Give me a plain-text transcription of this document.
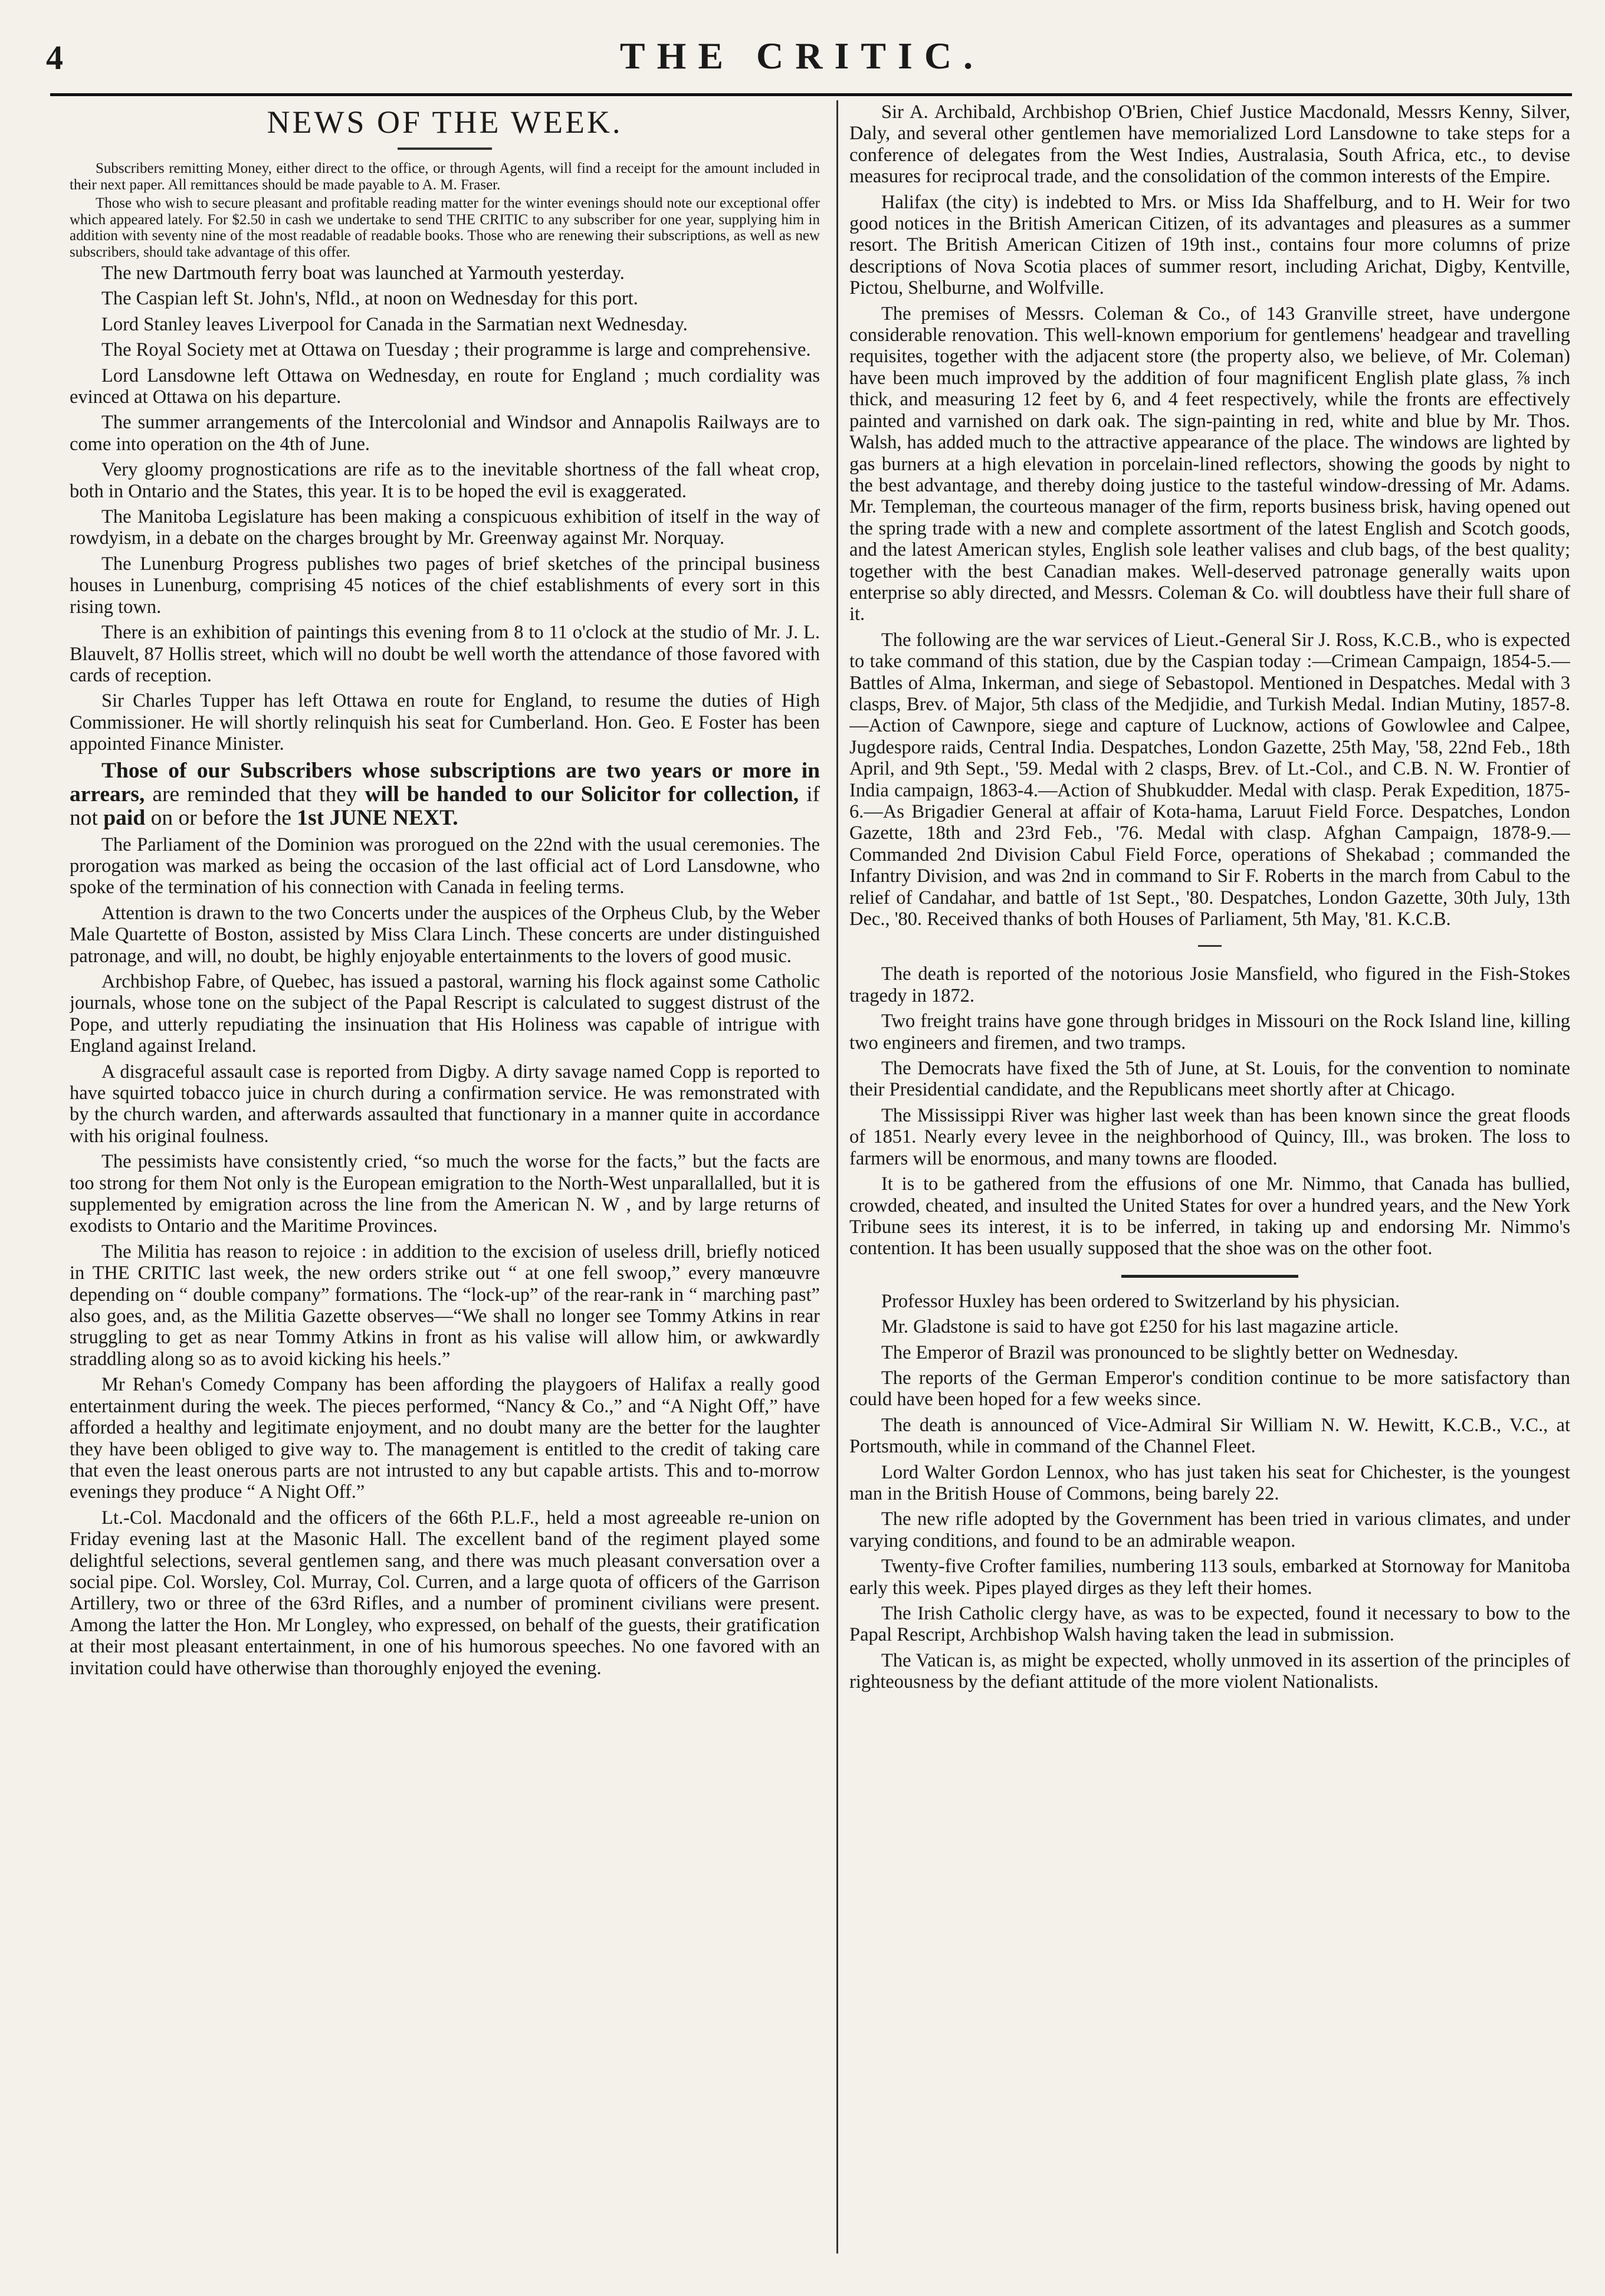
4	THE CRITIC.
NEWS OF THE WEEK.

Subscribers remitting Money, either direct to the office, or through Agents, will find a receipt for the amount included in their next paper. All remittances should be made payable to A. M. Fraser.

Those who wish to secure pleasant and profitable reading matter for the winter evenings should note our exceptional offer which appeared lately. For $2.50 in cash we undertake to send THE CRITIC to any subscriber for one year, supplying him in addition with seventy nine of the most readable of readable books. Those who are renewing their subscriptions, as well as new subscribers, should take advantage of this offer.

The new Dartmouth ferry boat was launched at Yarmouth yesterday.

The Caspian left St. John's, Nfld., at noon on Wednesday for this port.

Lord Stanley leaves Liverpool for Canada in the Sarmatian next Wednesday.

The Royal Society met at Ottawa on Tuesday ; their programme is large and comprehensive.

Lord Lansdowne left Ottawa on Wednesday, en route for England ; much cordiality was evinced at Ottawa on his departure.

The summer arrangements of the Intercolonial and Windsor and Annapolis Railways are to come into operation on the 4th of June.

Very gloomy prognostications are rife as to the inevitable shortness of the fall wheat crop, both in Ontario and the States, this year. It is to be hoped the evil is exaggerated.

The Manitoba Legislature has been making a conspicuous exhibition of itself in the way of rowdyism, in a debate on the charges brought by Mr. Greenway against Mr. Norquay.

The Lunenburg Progress publishes two pages of brief sketches of the principal business houses in Lunenburg, comprising 45 notices of the chief establishments of every sort in this rising town.

There is an exhibition of paintings this evening from 8 to 11 o'clock at the studio of Mr. J. L. Blauvelt, 87 Hollis street, which will no doubt be well worth the attendance of those favored with cards of reception.

Sir Charles Tupper has left Ottawa en route for England, to resume the duties of High Commissioner. He will shortly relinquish his seat for Cumberland. Hon. Geo. E Foster has been appointed Finance Minister.

Those of our Subscribers whose subscriptions are two years or more in arrears, are reminded that they will be handed to our Solicitor for collection, if not paid on or before the 1st JUNE NEXT.

The Parliament of the Dominion was prorogued on the 22nd with the usual ceremonies. The prorogation was marked as being the occasion of the last official act of Lord Lansdowne, who spoke of the termination of his connection with Canada in feeling terms.

Attention is drawn to the two Concerts under the auspices of the Orpheus Club, by the Weber Male Quartette of Boston, assisted by Miss Clara Linch. These concerts are under distinguished patronage, and will, no doubt, be highly enjoyable entertainments to the lovers of good music.

Archbishop Fabre, of Quebec, has issued a pastoral, warning his flock against some Catholic journals, whose tone on the subject of the Papal Rescript is calculated to suggest distrust of the Pope, and utterly repudiating the insinuation that His Holiness was capable of intrigue with England against Ireland.

A disgraceful assault case is reported from Digby. A dirty savage named Copp is reported to have squirted tobacco juice in church during a confirmation service. He was remonstrated with by the church warden, and afterwards assaulted that functionary in a manner quite in accordance with his original foulness.

The pessimists have consistently cried, “so much the worse for the facts,” but the facts are too strong for them Not only is the European emigration to the North-West unparallalled, but it is supplemented by emigration across the line from the American N. W , and by large returns of exodists to Ontario and the Maritime Provinces.

The Militia has reason to rejoice : in addition to the excision of useless drill, briefly noticed in THE CRITIC last week, the new orders strike out “ at one fell swoop,” every manœuvre depending on “ double company” formations. The “lock-up” of the rear-rank in “ marching past” also goes, and, as the Militia Gazette observes—“We shall no longer see Tommy Atkins in rear struggling to get as near Tommy Atkins in front as his valise will allow him, or awkwardly straddling along so as to avoid kicking his heels.”

Mr Rehan's Comedy Company has been affording the playgoers of Halifax a really good entertainment during the week. The pieces performed, “Nancy & Co.,” and “A Night Off,” have afforded a healthy and legitimate enjoyment, and no doubt many are the better for the laughter they have been obliged to give way to. The management is entitled to the credit of taking care that even the least onerous parts are not intrusted to any but capable artists. This and to-morrow evenings they produce “ A Night Off.”

Lt.-Col. Macdonald and the officers of the 66th P.L.F., held a most agreeable re-union on Friday evening last at the Masonic Hall. The excellent band of the regiment played some delightful selections, several gentlemen sang, and there was much pleasant conversation over a social pipe. Col. Worsley, Col. Murray, Col. Curren, and a large quota of officers of the Garrison Artillery, two or three of the 63rd Rifles, and a number of prominent civilians were present. Among the latter the Hon. Mr Longley, who expressed, on behalf of the guests, their gratification at their most pleasant entertainment, in one of his humorous speeches. No one favored with an invitation could have otherwise than thoroughly enjoyed the evening.

Sir A. Archibald, Archbishop O'Brien, Chief Justice Macdonald, Messrs Kenny, Silver, Daly, and several other gentlemen have memorialized Lord Lansdowne to take steps for a conference of delegates from the West Indies, Australasia, South Africa, etc., to devise measures for reciprocal trade, and the consolidation of the common interests of the Empire.

Halifax (the city) is indebted to Mrs. or Miss Ida Shaffelburg, and to H. Weir for two good notices in the British American Citizen, of its advantages and pleasures as a summer resort. The British American Citizen of 19th inst., contains four more columns of prize descriptions of Nova Scotia places of summer resort, including Arichat, Digby, Kentville, Pictou, Shelburne, and Wolfville.

The premises of Messrs. Coleman & Co., of 143 Granville street, have undergone considerable renovation. This well-known emporium for gentlemens' headgear and travelling requisites, together with the adjacent store (the property also, we believe, of Mr. Coleman) have been much improved by the addition of four magnificent English plate glass, ⅞ inch thick, and measuring 12 feet by 6, and 4 feet respectively, while the fronts are effectively painted and varnished on dark oak. The sign-painting in red, white and blue by Mr. Thos. Walsh, has added much to the attractive appearance of the place. The windows are lighted by gas burners at a high elevation in porcelain-lined reflectors, showing the goods by night to the best advantage, and thereby doing justice to the tasteful window-dressing of Mr. Adams. Mr. Templeman, the courteous manager of the firm, reports business brisk, having opened out the spring trade with a new and complete assortment of the latest English and Scotch goods, and the latest American styles, English sole leather valises and club bags, of the best quality; together with the best Canadian makes. Well-deserved patronage generally waits upon enterprise so ably directed, and Messrs. Coleman & Co. will doubtless have their full share of it.

The following are the war services of Lieut.-General Sir J. Ross, K.C.B., who is expected to take command of this station, due by the Caspian today :—Crimean Campaign, 1854-5.—Battles of Alma, Inkerman, and siege of Sebastopol. Mentioned in Despatches. Medal with 3 clasps, Brev. of Major, 5th class of the Medjidie, and Turkish Medal. Indian Mutiny, 1857-8.—Action of Cawnpore, siege and capture of Lucknow, actions of Gowlowlee and Calpee, Jugdespore raids, Central India. Despatches, London Gazette, 25th May, '58, 22nd Feb., 18th April, and 9th Sept., '59. Medal with 2 clasps, Brev. of Lt.-Col., and C.B. N. W. Frontier of India campaign, 1863-4.—Action of Shubkudder. Medal with clasp. Perak Expedition, 1875-6.—As Brigadier General at affair of Kota-hama, Laruut Field Force. Despatches, London Gazette, 18th and 23rd Feb., '76. Medal with clasp. Afghan Campaign, 1878-9.—Commanded 2nd Division Cabul Field Force, operations of Shekabad ; commanded the Infantry Division, and was 2nd in command to Sir F. Roberts in the march from Cabul to the relief of Candahar, and battle of 1st Sept., '80. Despatches, London Gazette, 30th July, 13th Dec., '80. Received thanks of both Houses of Parliament, 5th May, '81. K.C.B.

The death is reported of the notorious Josie Mansfield, who figured in the Fish-Stokes tragedy in 1872.

Two freight trains have gone through bridges in Missouri on the Rock Island line, killing two engineers and firemen, and two tramps.

The Democrats have fixed the 5th of June, at St. Louis, for the convention to nominate their Presidential candidate, and the Republicans meet shortly after at Chicago.

The Mississippi River was higher last week than has been known since the great floods of 1851. Nearly every levee in the neighborhood of Quincy, Ill., was broken. The loss to farmers will be enormous, and many towns are flooded.

It is to be gathered from the effusions of one Mr. Nimmo, that Canada has bullied, crowded, cheated, and insulted the United States for over a hundred years, and the New York Tribune sees its interest, it is to be inferred, in taking up and endorsing Mr. Nimmo's contention. It has been usually supposed that the shoe was on the other foot.

Professor Huxley has been ordered to Switzerland by his physician.

Mr. Gladstone is said to have got £250 for his last magazine article.

The Emperor of Brazil was pronounced to be slightly better on Wednesday.

The reports of the German Emperor's condition continue to be more satisfactory than could have been hoped for a few weeks since.

The death is announced of Vice-Admiral Sir William N. W. Hewitt, K.C.B., V.C., at Portsmouth, while in command of the Channel Fleet.

Lord Walter Gordon Lennox, who has just taken his seat for Chichester, is the youngest man in the British House of Commons, being barely 22.

The new rifle adopted by the Government has been tried in various climates, and under varying conditions, and found to be an admirable weapon.

Twenty-five Crofter families, numbering 113 souls, embarked at Stornoway for Manitoba early this week. Pipes played dirges as they left their homes.

The Irish Catholic clergy have, as was to be expected, found it necessary to bow to the Papal Rescript, Archbishop Walsh having taken the lead in submission.

The Vatican is, as might be expected, wholly unmoved in its assertion of the principles of righteousness by the defiant attitude of the more violent Nationalists.
